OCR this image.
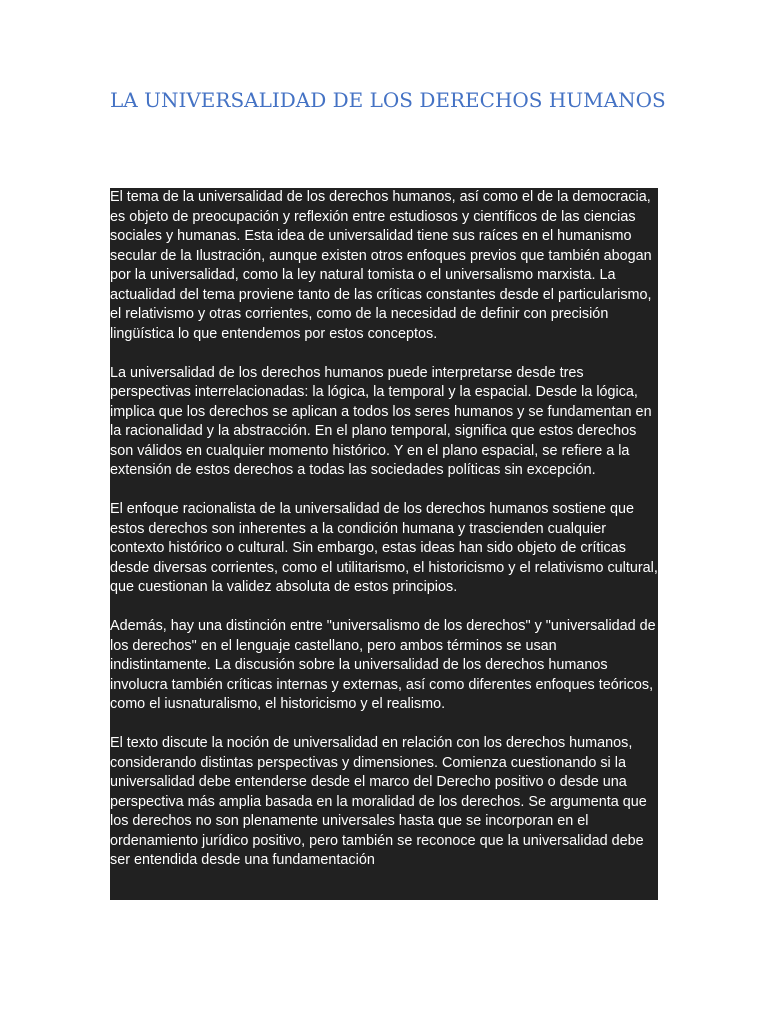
LA UNIVERSALIDAD DE LOS DERECHOS HUMANOS

El tema de la universalidad de los derechos humanos, así como el de la democracia, es objeto de preocupación y reflexión entre estudiosos y científicos de las ciencias sociales y humanas. Esta idea de universalidad tiene sus raíces en el humanismo secular de la Ilustración, aunque existen otros enfoques previos que también abogan por la universalidad, como la ley natural tomista o el universalismo marxista. La actualidad del tema proviene tanto de las críticas constantes desde el particularismo, el relativismo y otras corrientes, como de la necesidad de definir con precisión lingüística lo que entendemos por estos conceptos.

La universalidad de los derechos humanos puede interpretarse desde tres perspectivas interrelacionadas: la lógica, la temporal y la espacial. Desde la lógica, implica que los derechos se aplican a todos los seres humanos y se fundamentan en la racionalidad y la abstracción. En el plano temporal, significa que estos derechos son válidos en cualquier momento histórico. Y en el plano espacial, se refiere a la extensión de estos derechos a todas las sociedades políticas sin excepción.

El enfoque racionalista de la universalidad de los derechos humanos sostiene que estos derechos son inherentes a la condición humana y trascienden cualquier contexto histórico o cultural. Sin embargo, estas ideas han sido objeto de críticas desde diversas corrientes, como el utilitarismo, el historicismo y el relativismo cultural, que cuestionan la validez absoluta de estos principios.

Además, hay una distinción entre "universalismo de los derechos" y "universalidad de los derechos" en el lenguaje castellano, pero ambos términos se usan indistintamente. La discusión sobre la universalidad de los derechos humanos involucra también críticas internas y externas, así como diferentes enfoques teóricos, como el iusnaturalismo, el historicismo y el realismo.

El texto discute la noción de universalidad en relación con los derechos humanos, considerando distintas perspectivas y dimensiones. Comienza cuestionando si la universalidad debe entenderse desde el marco del Derecho positivo o desde una perspectiva más amplia basada en la moralidad de los derechos. Se argumenta que los derechos no son plenamente universales hasta que se incorporan en el ordenamiento jurídico positivo, pero también se reconoce que la universalidad debe ser entendida desde una fundamentación
